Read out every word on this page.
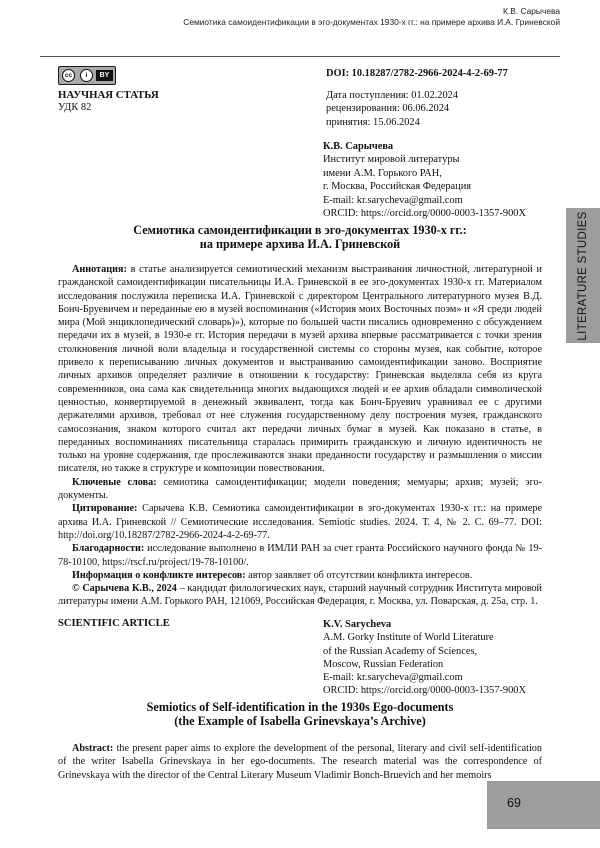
К.В. Сарычева
Семиотика самоидентификации в эго-документах 1930-х гг.: на примере архива И.А. Гриневской
cc	i	BY	DOI: 10.18287/2782-2966-2024-4-2-69-77
НАУЧНАЯ СТАТЬЯ
УДК 82
Дата поступления: 01.02.2024
рецензирования: 06.06.2024
принятия: 15.06.2024
К.В. Сарычева
Институт мировой литературы
имени А.М. Горького РАН,
г. Москва, Российская Федерация
E-mail: kr.sarycheva@gmail.com
ORCID: https://orcid.org/0000-0003-1357-900X
Семиотика самоидентификации в эго-документах 1930-х гг.:
на примере архива И.А. Гриневской

Аннотация: в статье анализируется семиотический механизм выстраивания личностной, литературной и гражданской самоидентификации писательницы И.А. Гриневской в ее эго-документах 1930-х гг. Материалом исследования послужила переписка И.А. Гриневской с директором Центрального литературного музея В.Д. Бонч-Бруевичем и переданные ею в музей воспоминания («История моих Восточных поэм» и «Я среди людей мира (Мой энциклопедический словарь)»), которые по большей части писались одновременно с обсуждением передачи их в музей, в 1930-е гг. История передачи в музей архива впервые рассматривается с точки зрения столкновения личной воли владельца и государственной системы со стороны музея, как событие, которое привело к переписыванию личных документов и выстраиванию самоидентификации заново. Восприятие личных архивов определяет различие в отношении к государству: Гриневская выделяла себя из круга современников, она сама как свидетельница многих выдающихся людей и ее архив обладали символической ценностью, конвертируемой в денежный эквивалент, тогда как Бонч-Бруевич уравнивал ее с другими держателями архивов, требовал от нее служения государственному делу построения музея, гражданского самосознания, знаком которого считал акт передачи личных бумаг в музей. Как показано в статье, в переданных воспоминаниях писательница старалась примирить гражданскую и личную идентичность не только на уровне содержания, где прослеживаются знаки преданности государству и размышления о миссии писателя, но также в структуре и композиции повествования.

Ключевые слова: семиотика самоидентификации; модели поведения; мемуары; архив; музей; эго-документы.

Цитирование: Сарычева К.В. Семиотика самоидентификации в эго-документах 1930-х гг.: на примере архива И.А. Гриневской // Семиотические исследования. Semiotic studies. 2024. Т. 4, № 2. С. 69–77. DOI: http://doi.org/10.18287/2782-2966-2024-4-2-69-77.

Благодарности: исследование выполнено в ИМЛИ РАН за счет гранта Российского научного фонда № 19-78-10100, https://rscf.ru/project/19-78-10100/.

Информация о конфликте интересов: автор заявляет об отсутствии конфликта интересов.

© Сарычева К.В., 2024 – кандидат филологических наук, старший научный сотрудник Института мировой литературы имени А.М. Горького РАН, 121069, Российская Федерация, г. Москва, ул. Поварская, д. 25а, стр. 1.

SCIENTIFIC ARTICLE	K.V. Sarycheva
A.M. Gorky Institute of World Literature
of the Russian Academy of Sciences,
Moscow, Russian Federation
E-mail: kr.sarycheva@gmail.com
ORCID: https://orcid.org/0000-0003-1357-900X
Semiotics of Self-identification in the 1930s Ego-documents
(the Example of Isabella Grinevskaya’s Archive)

Abstract: the present paper aims to explore the development of the personal, literary and civil self-identification of the writer Isabella Grinevskaya in her ego-documents. The research material was the correspondence of Grinevskaya with the director of the Central Literary Museum Vladimir Bonch-Bruevich and her memoirs

LITERATURE STUDIES
69
